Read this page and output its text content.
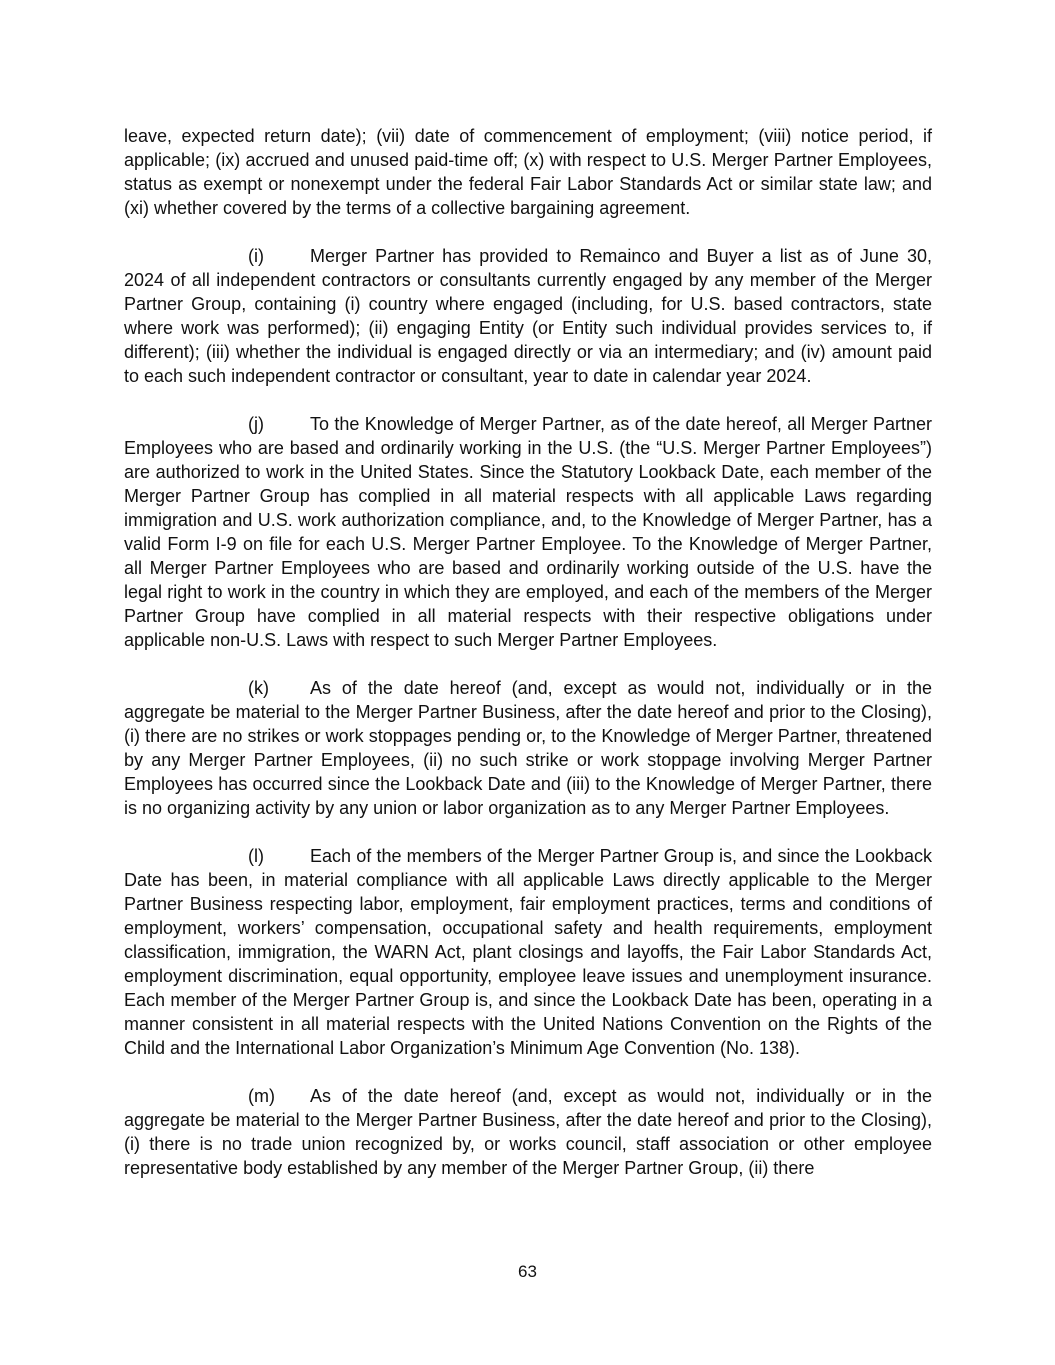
leave, expected return date); (vii) date of commencement of employment; (viii) notice period, if applicable; (ix) accrued and unused paid-time off; (x) with respect to U.S. Merger Partner Employees, status as exempt or nonexempt under the federal Fair Labor Standards Act or similar state law; and (xi) whether covered by the terms of a collective bargaining agreement.

(i)	Merger Partner has provided to Remainco and Buyer a list as of June 30, 2024 of all independent contractors or consultants currently engaged by any member of the Merger Partner Group, containing (i) country where engaged (including, for U.S. based contractors, state where work was performed); (ii) engaging Entity (or Entity such individual provides services to, if different); (iii) whether the individual is engaged directly or via an intermediary; and (iv) amount paid to each such independent contractor or consultant, year to date in calendar year 2024.

(j)	To the Knowledge of Merger Partner, as of the date hereof, all Merger Partner Employees who are based and ordinarily working in the U.S. (the “U.S. Merger Partner Employees”) are authorized to work in the United States. Since the Statutory Lookback Date, each member of the Merger Partner Group has complied in all material respects with all applicable Laws regarding immigration and U.S. work authorization compliance, and, to the Knowledge of Merger Partner, has a valid Form I-9 on file for each U.S. Merger Partner Employee. To the Knowledge of Merger Partner, all Merger Partner Employees who are based and ordinarily working outside of the U.S. have the legal right to work in the country in which they are employed, and each of the members of the Merger Partner Group have complied in all material respects with their respective obligations under applicable non-U.S. Laws with respect to such Merger Partner Employees.

(k) As of the date hereof (and, except as would not, individually or in the aggregate be material to the Merger Partner Business, after the date hereof and prior to the Closing), (i) there are no strikes or work stoppages pending or, to the Knowledge of Merger Partner, threatened by any Merger Partner Employees, (ii) no such strike or work stoppage involving Merger Partner Employees has occurred since the Lookback Date and (iii) to the Knowledge of Merger Partner, there is no organizing activity by any union or labor organization as to any Merger Partner Employees.

(l)	Each of the members of the Merger Partner Group is, and since the Lookback Date has been, in material compliance with all applicable Laws directly applicable to the Merger Partner Business respecting labor, employment, fair employment practices, terms and conditions of employment, workers’ compensation, occupational safety and health requirements, employment classification, immigration, the WARN Act, plant closings and layoffs, the Fair Labor Standards Act, employment discrimination, equal opportunity, employee leave issues and unemployment insurance. Each member of the Merger Partner Group is, and since the Lookback Date has been, operating in a manner consistent in all material respects with the United Nations Convention on the Rights of the Child and the International Labor Organization’s Minimum Age Convention (No. 138).

(m) As of the date hereof (and, except as would not, individually or in the aggregate be material to the Merger Partner Business, after the date hereof and prior to the Closing), (i) there is no trade union recognized by, or works council, staff association or other employee representative body established by any member of the Merger Partner Group, (ii) there

63
